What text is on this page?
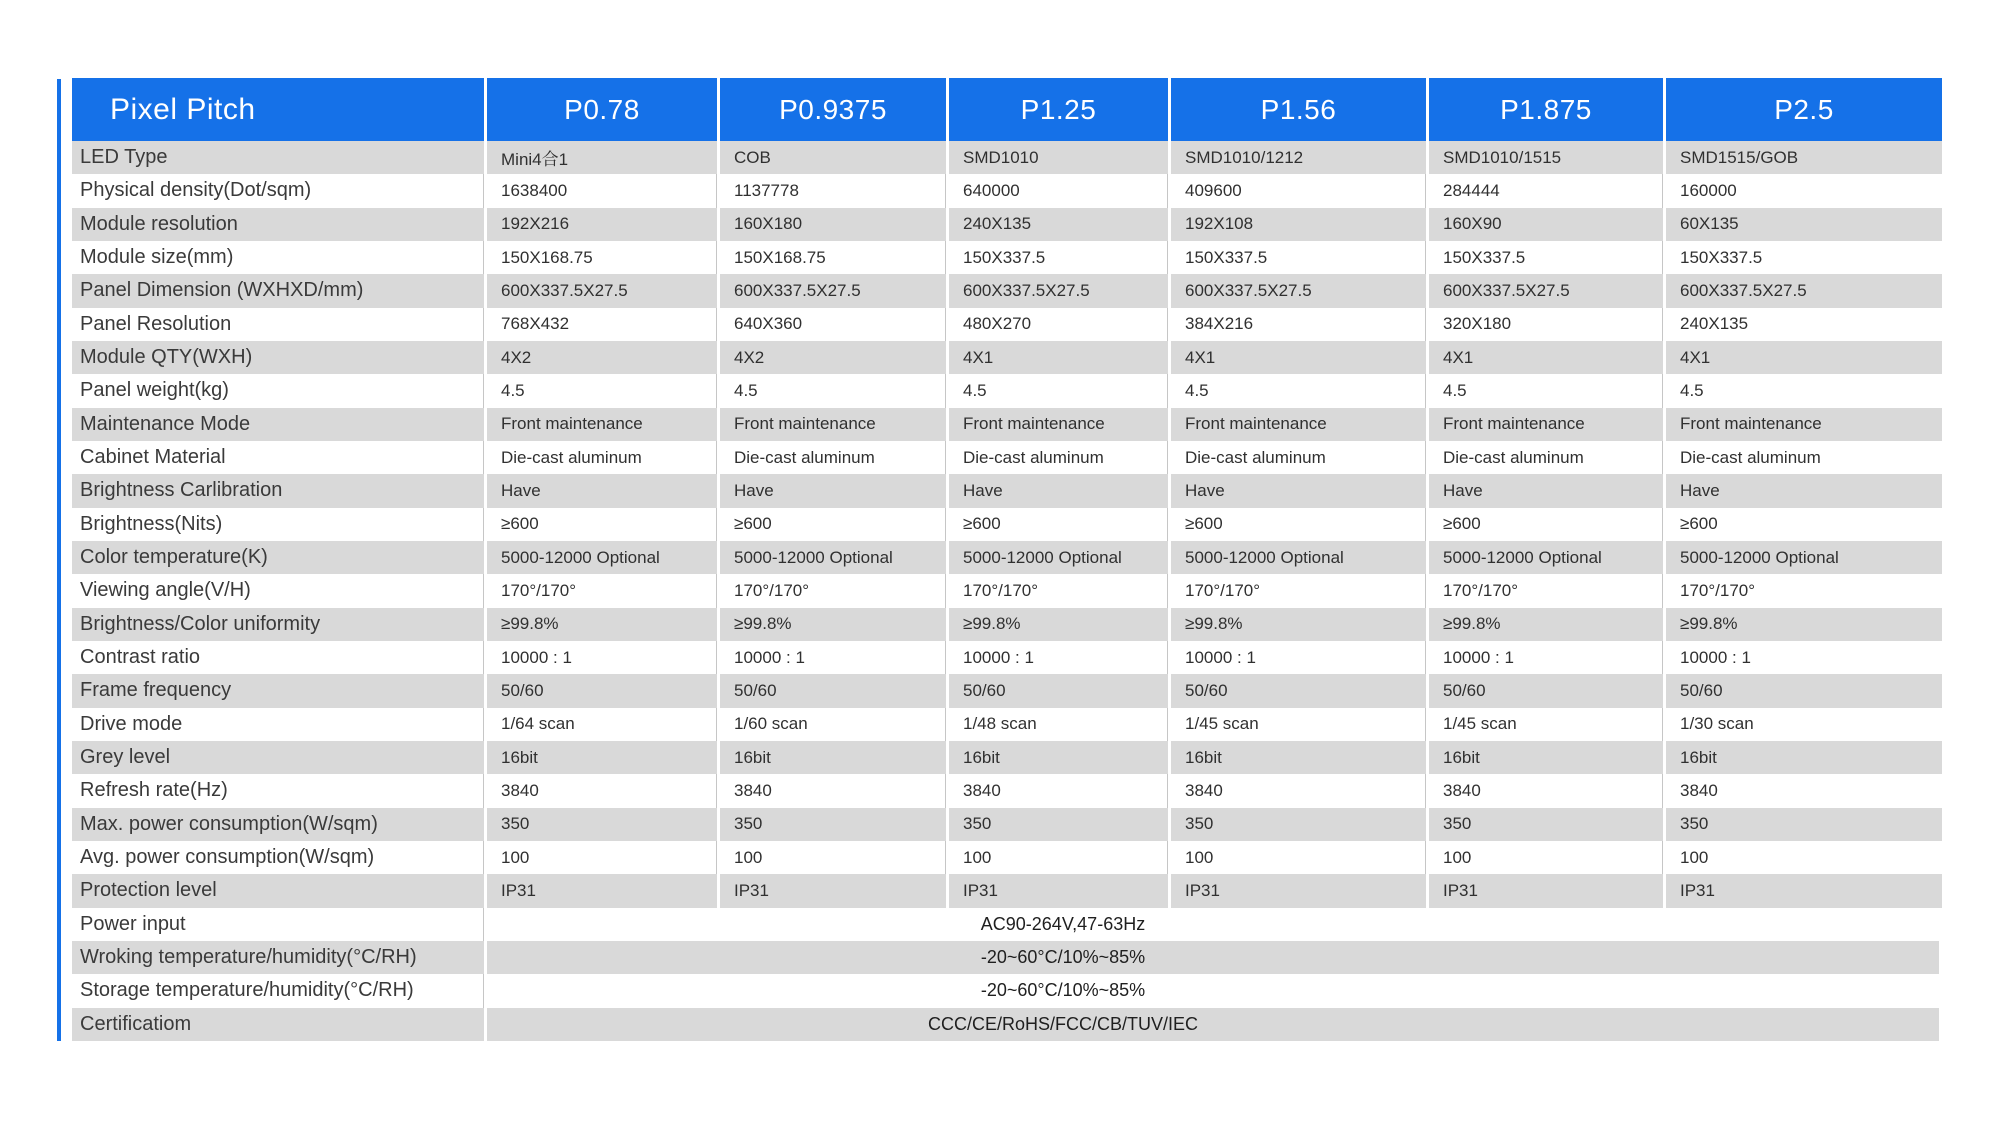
Pixel Pitch	P0.78	P0.9375	P1.25	P1.56	P1.875	P2.5
LED Type	Mini4合1	COB	SMD1010	SMD1010/1212	SMD1010/1515	SMD1515/GOB
Physical density(Dot/sqm)	1638400	1137778	640000	409600	284444	160000
Module resolution	192X216	160X180	240X135	192X108	160X90	60X135
Module size(mm)	150X168.75	150X168.75	150X337.5	150X337.5	150X337.5	150X337.5
Panel Dimension (WXHXD/mm)	600X337.5X27.5	600X337.5X27.5	600X337.5X27.5	600X337.5X27.5	600X337.5X27.5	600X337.5X27.5
Panel Resolution	768X432	640X360	480X270	384X216	320X180	240X135
Module QTY(WXH)	4X2	4X2	4X1	4X1	4X1	4X1
Panel weight(kg)	4.5	4.5	4.5	4.5	4.5	4.5
Maintenance Mode	Front maintenance	Front maintenance	Front maintenance	Front maintenance	Front maintenance	Front maintenance
Cabinet Material	Die-cast aluminum	Die-cast aluminum	Die-cast aluminum	Die-cast aluminum	Die-cast aluminum	Die-cast aluminum
Brightness Carlibration	Have	Have	Have	Have	Have	Have
Brightness(Nits)	≥600	≥600	≥600	≥600	≥600	≥600
Color temperature(K)	5000-12000 Optional	5000-12000 Optional	5000-12000 Optional	5000-12000 Optional	5000-12000 Optional	5000-12000 Optional
Viewing angle(V/H)	170°/170°	170°/170°	170°/170°	170°/170°	170°/170°	170°/170°
Brightness/Color uniformity	≥99.8%	≥99.8%	≥99.8%	≥99.8%	≥99.8%	≥99.8%
Contrast ratio	10000 : 1	10000 : 1	10000 : 1	10000 : 1	10000 : 1	10000 : 1
Frame frequency	50/60	50/60	50/60	50/60	50/60	50/60
Drive mode	1/64 scan	1/60 scan	1/48 scan	1/45 scan	1/45 scan	1/30 scan
Grey level	16bit	16bit	16bit	16bit	16bit	16bit
Refresh rate(Hz)	3840	3840	3840	3840	3840	3840
Max. power consumption(W/sqm)	350	350	350	350	350	350
Avg. power consumption(W/sqm)	100	100	100	100	100	100
Protection level	IP31	IP31	IP31	IP31	IP31	IP31
Power input	AC90-264V,47-63Hz
Wroking temperature/humidity(°C/RH)	-20~60°C/10%~85%
Storage temperature/humidity(°C/RH)	-20~60°C/10%~85%
Certificatiom	CCC/CE/RoHS/FCC/CB/TUV/IEC
